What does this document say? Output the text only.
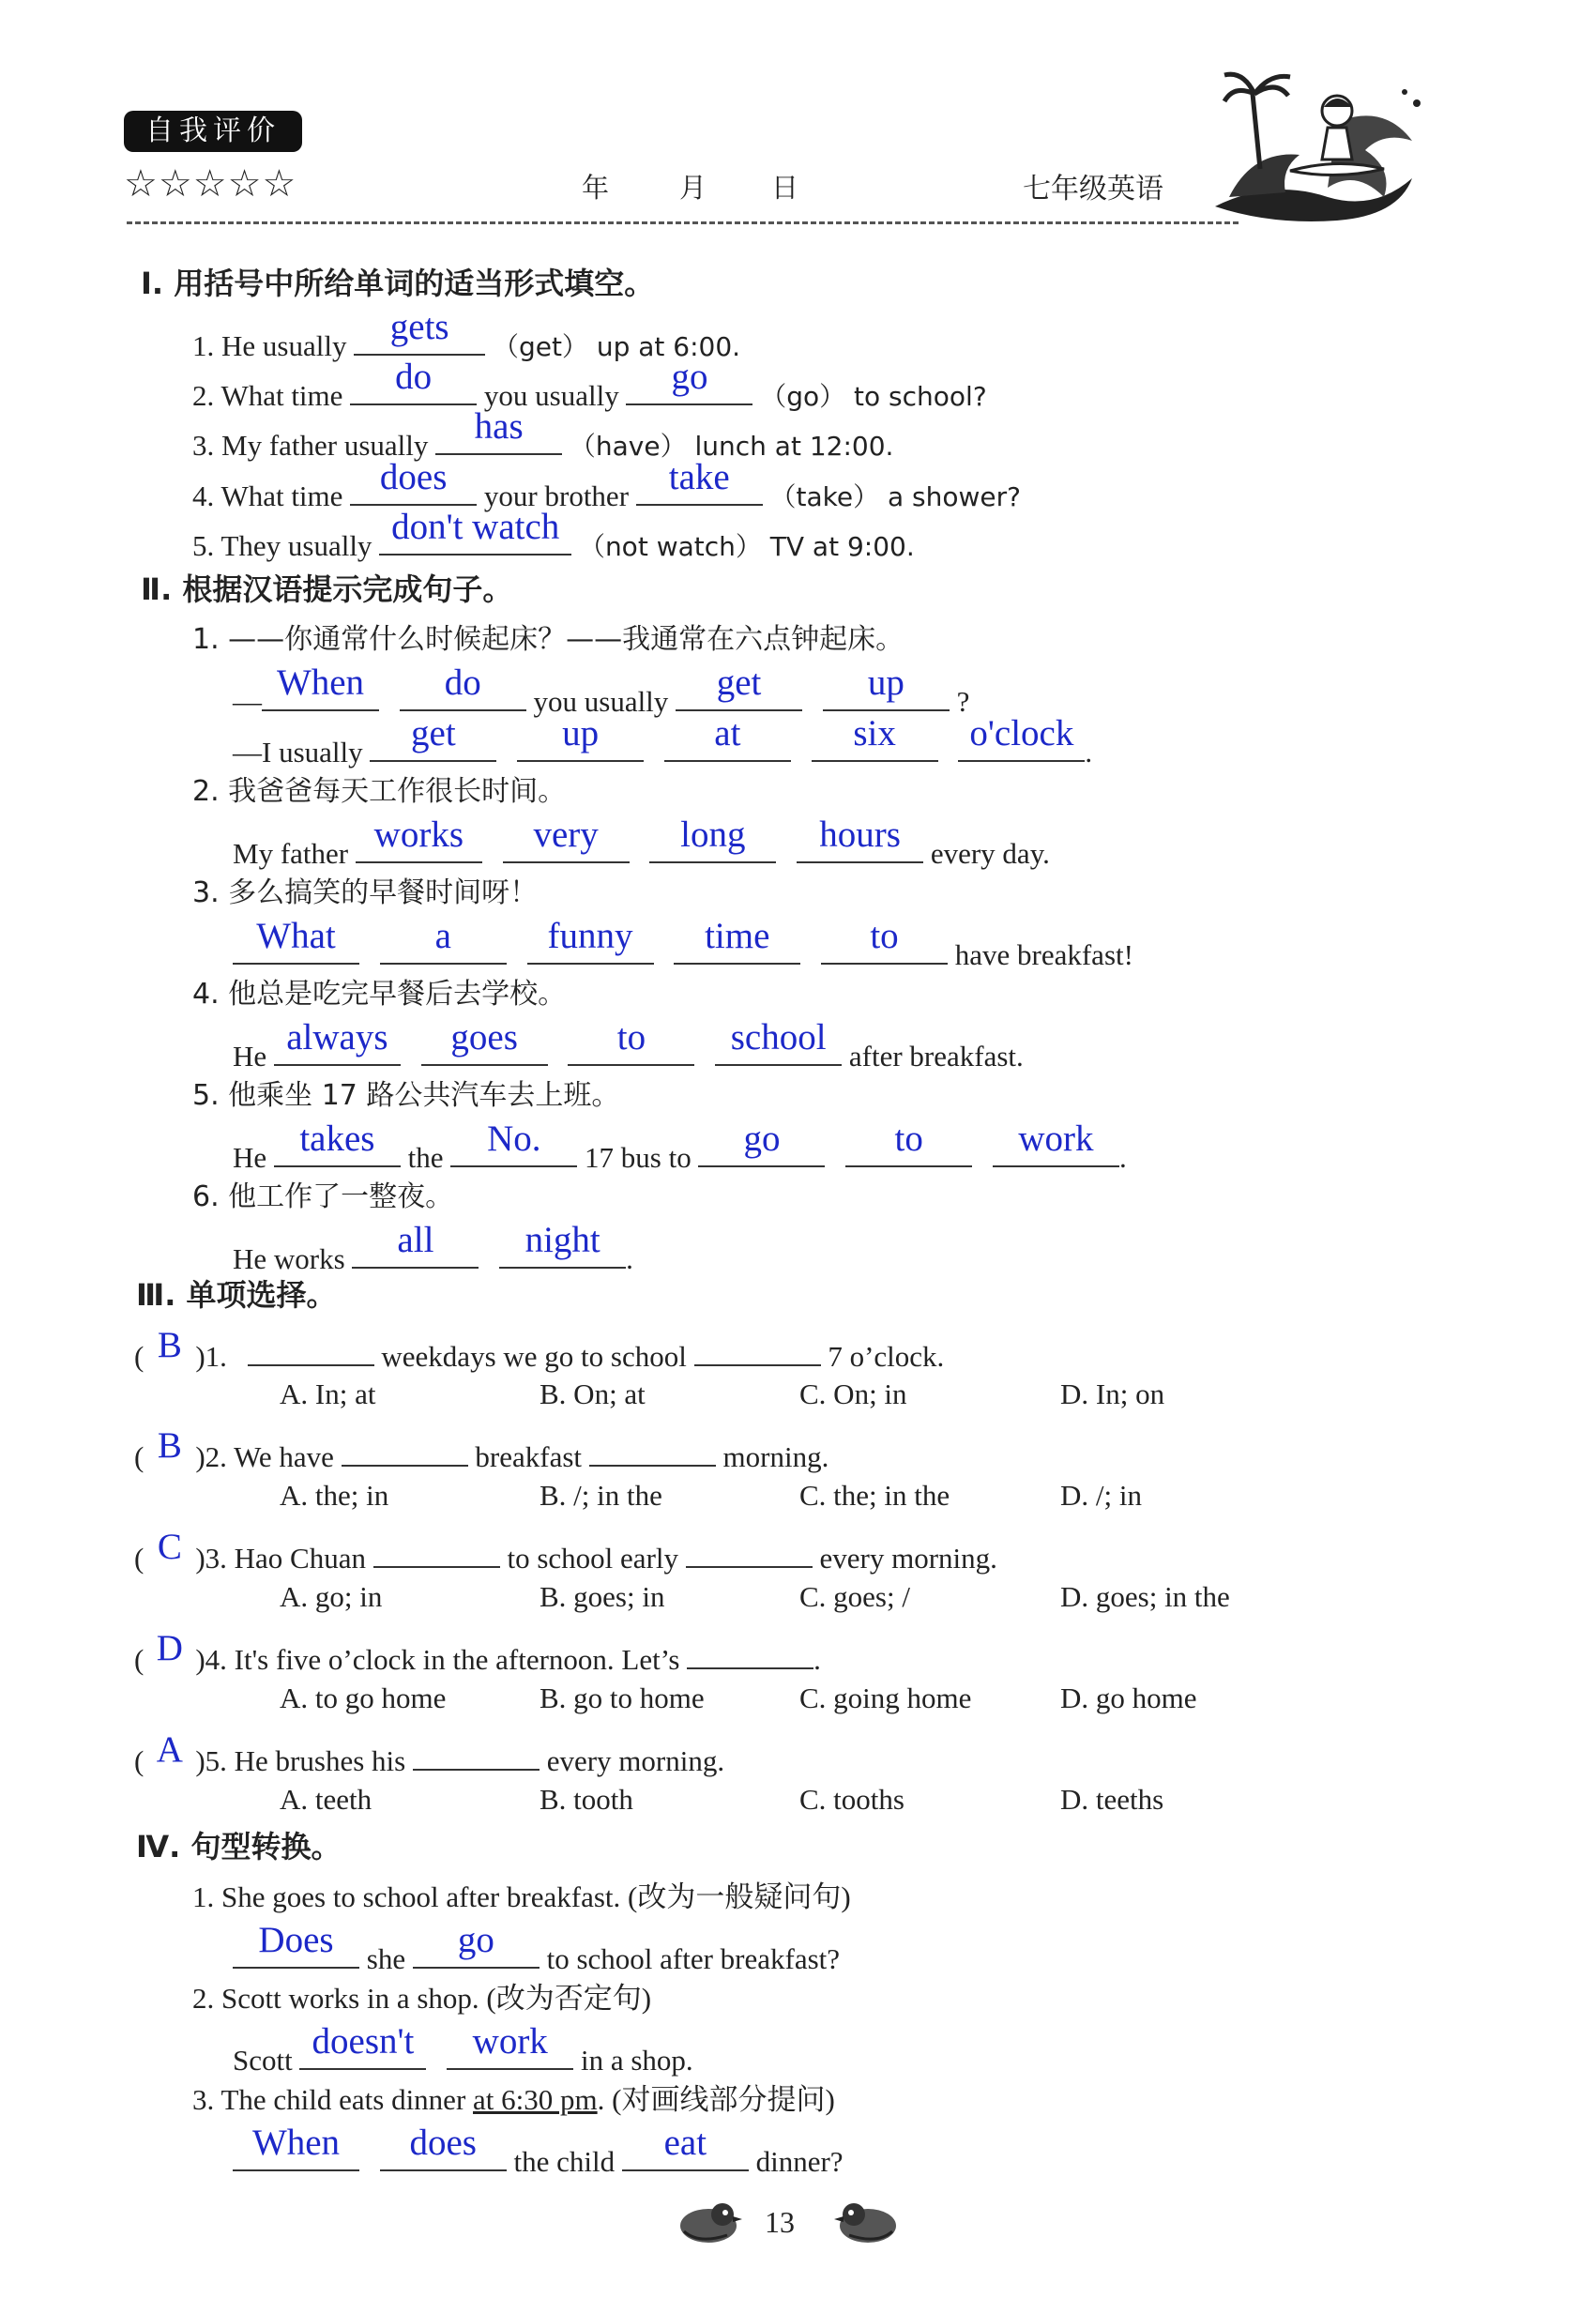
自我评价
☆☆☆☆☆	年	月 日	七年级英语
Ⅰ. 用括号中所给单词的适当形式填空。
1. He usually	gets	（get） up at 6:00.
2. What time	do	you usually	go	（go） to school?
3. My father usually	has	（have） lunch at 12:00.
4. What time	does	your brother	take	（take） a shower?
5. They usually don't watch （not watch） TV at 9:00.
Ⅱ. 根据汉语提示完成句子。
1. ——你通常什么时候起床？——我通常在六点钟起床。
— When
	do	you usually	get
	up	?
—I usually	get
	up
	at
	six
	o'clock .
2. 我爸爸每天工作很长时间。
My father works
	very
	long
	hours	every day.
3. 多么搞笑的早餐时间呀！
What
	a
	funny
	time
	to	have breakfast!
4. 他总是吃完早餐后去学校。
He always
	goes
	to
	school after breakfast.
5. 他乘坐 17 路公共汽车去上班。
He takes	the	No.	17 bus to	go
	to
	work .
6. 他工作了一整夜。
He works	all
	night .
Ⅲ. 单项选择。
( B )1.	weekdays we go to school	7 o’clock.
A. In; at	B. On; at	C. On; in	D. In; on
( B )2. We have	breakfast	morning.
A. the; in	B. /; in the	C. the; in the	D. /; in
( C )3. Hao Chuan	to school early	every morning.
A. go; in	B. goes; in	C. goes; /	D. goes; in the
( D )4. It's five o’clock in the afternoon. Let’s	.
A. to go home	B. go to home	C. going home	D. go home
( A )5. He brushes his	every morning.
A. teeth	B. tooth	C. tooths	D. teeths
Ⅳ. 句型转换。
1. She goes to school after breakfast. (改为一般疑问句)
Does	she	go	to school after breakfast?
2. Scott works in a shop. (改为否定句)
Scott doesn't
	work	in a shop.
3. The child eats dinner at 6:30 pm. (对画线部分提问)
When
	does	the child	eat	dinner?
13
